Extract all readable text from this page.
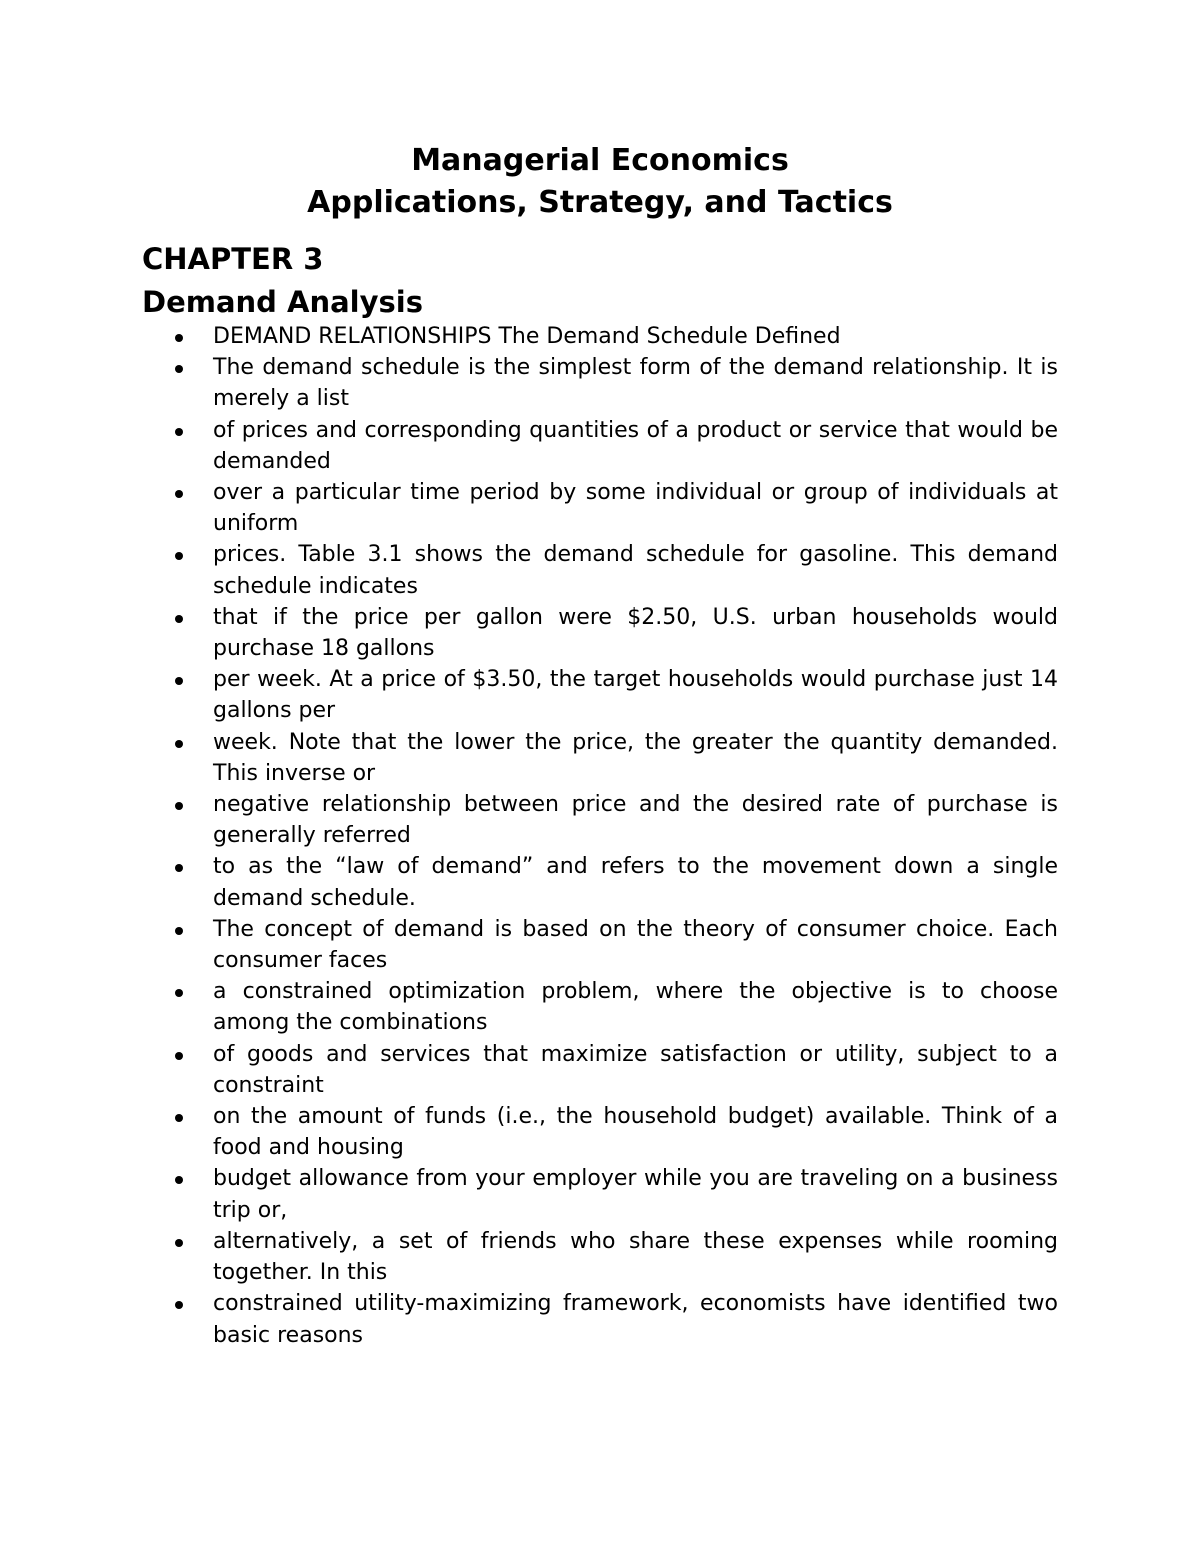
Managerial Economics

Applications, Strategy, and Tactics

CHAPTER 3
Demand Analysis
DEMAND RELATIONSHIPS The Demand Schedule Defined
The demand schedule is the simplest form of the demand relationship. It is merely a list
of prices and corresponding quantities of a product or service that would be demanded
over a particular time period by some individual or group of individuals at uniform
prices. Table 3.1 shows the demand schedule for gasoline. This demand schedule indicates
that if the price per gallon were $2.50, U.S. urban households would purchase 18 gallons
per week. At a price of $3.50, the target households would purchase just 14 gallons per
week. Note that the lower the price, the greater the quantity demanded. This inverse or
negative relationship between price and the desired rate of purchase is generally referred
to as the “law of demand” and refers to the movement down a single demand schedule.
The concept of demand is based on the theory of consumer choice. Each consumer faces
a constrained optimization problem, where the objective is to choose among the combinations
of goods and services that maximize satisfaction or utility, subject to a constraint
on the amount of funds (i.e., the household budget) available. Think of a food and housing
budget allowance from your employer while you are traveling on a business trip or,
alternatively, a set of friends who share these expenses while rooming together. In this
constrained utility-maximizing framework, economists have identified two basic reasons
